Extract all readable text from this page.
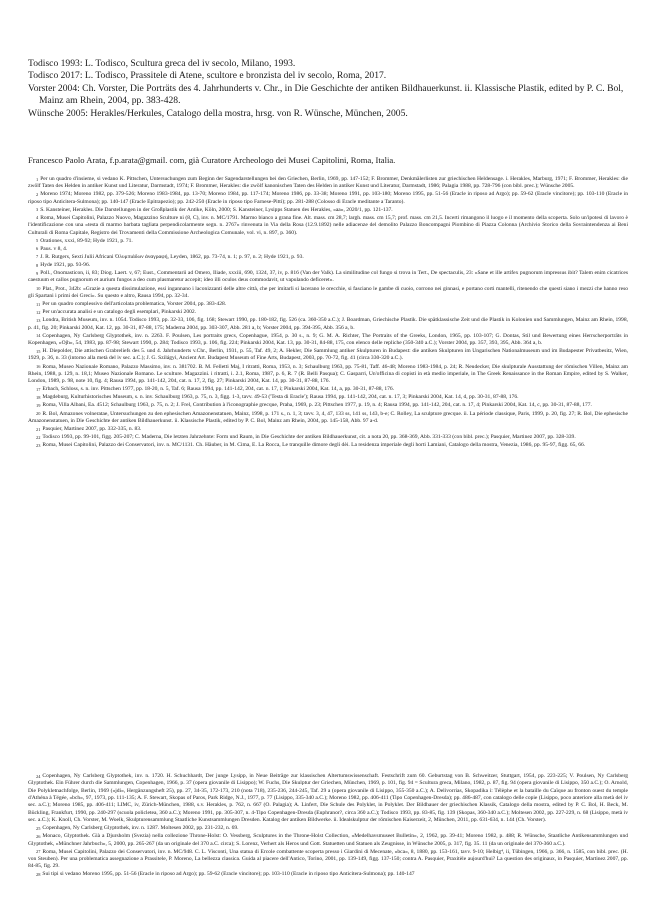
Todisco 1993: L. Todisco, Scultura greca del iv secolo, Milano, 1993.
Todisco 2017: L. Todisco, Prassitele di Atene, scultore e bronzista del iv secolo, Roma, 2017.
Vorster 2004: Ch. Vorster, Die Porträts des 4. Jahrhunderts v. Chr., in Die Geschichte der antiken Bildhauerkunst. ii. Klassische Plastik, edited by P. C. Bol, Mainz am Rhein, 2004, pp. 383-428.
Wünsche 2005: Herakles/Herkules, Catalogo della mostra, hrsg. von R. Wünsche, München, 2005.
Francesco Paolo Arata, f.p.arata@gmail. com, già Curatore Archeologo dei Musei Capitolini, Roma, Italia.
$^1$ Per un quadro d'insieme, si vedano K. Pittschen, Untersuchungen zum Beginn der Sagendarstellungen bei den Griechen, Berlin, 1969, pp. 147-152; F. Brommer, Denkmälerlisten zur griechischen Heldensage. i. Herakles, Marburg, 1971; F. Brommer, Herakles: die zwölf Taten des Helden in antiker Kunst und Literatur, Darmstadt, 1974; F. Brommer, Herakles: die zwölf kanonischen Taten des Helden in antiker Kunst und Literatur, Darmstadt, 1986; Palagia 1988, pp. 728-796 (con bibl. prec.); Wünsche 2005.
$^2$ Moreno 1974; Moreno 1982, pp. 379-526; Moreno 1983-1984, pp. 13-70; Moreno 1984, pp. 117-174; Moreno 1986, pp. 33-38; Moreno 1991, pp. 103-180; Moreno 1995, pp. 51-56 (Eracle in riposo ad Argo); pp. 59-62 (Eracle vincitore); pp. 103-110 (Eracle in riposo tipo Anticitera-Sulmona); pp. 140-147 (Eracle Epitrapezio); pp. 242-250 (Eracle in riposo tipo Farnese-Pitti); pp. 281-288 (Colosso di Eracle meditante a Taranto).
$^3$ S. Kansteiner, Herakles. Die Darstellungen in der Großplastik der Antike, Köln, 2000; S. Kansteiner, Lysipps Statuen des Herakles, «aa», 2020/1, pp. 121-137.
$^4$ Roma, Musei Capitolini, Palazzo Nuovo, Magazzino Sculture ni (8, C), inv. n. MC/1791. Marmo bianco a grana fine. Alt. mass. cm 28,7; largh. mass. cm 15,7; prof. mass. cm 21,5. Incerti rimangono il luogo e il momento della scoperta. Solo un'ipotesi di lavoro è l'identificazione con una «testa di marmo barbata tagliata perpendicolarmente segn. n. 2767» rinvenuta in Via della Rosa (12.9.1892) nelle adiacenze del demolito Palazzo Boncompagni Piombino di Piazza Colonna (Archivio Storico della Sovraintendenza ai Beni Culturali di Roma Capitale, Registro dei Trovamenti della Commissione Archeologica Comunale, vol. vi, n. 897, p. 360).
$^5$ Orationes, xxxi, 89-92; Hyde 1921, p. 71.
$^6$ Paus. v 8, 4.
$^7$ J. R. Rutgers, Sexti Julii Africani Ὀλυμπιάδων ἀναγραφή, Leyden, 1862, pp. 73-74, n. 1; p. 97, n. 2; Hyde 1921, p. 93.
$^8$ Hyde 1921, pp. 93-96.
$^9$ Poll., Onomasticon, ii, 83; Diog. Laert. v, 67; Eust., Commentarii ad Omero, Iliade, xxxiii, 690, 1324, 37, iv, p. 816 (Van der Valk). La similitudine col fungo si trova in Tert., De spectaculis, 23: «Sane et ille artifex pugnorum impressus ibit? Talem enim cicatrices caestuum et callos pugnorum et aurium fungos a deo cum plasmaretur accepit; ideo illi oculos deus commodavit, ut vapulando deficeret».
$^{10}$ Plat., Prot., 342b: «Grazie a questa dissimulazione, essi ingannano i laconizzanti delle altre città, che per imitarli si lacerano le orecchie, si fasciano le gambe di cuoio, corrono nei ginnasi, e portano corti mantelli, ritenendo che questi siano i mezzi che hanno reso gli Spartani i primi dei Greci». Su questo e altro, Rausa 1994, pp. 32-34.
$^{11}$ Per un quadro complessivo dell'articolata problematica, Vorster 2004, pp. 383-428.
$^{12}$ Per un'accurata analisi e un catalogo degli esemplari, Pinkarski 2002.
$^{13}$ Londra, British Museum, inv. n. 1054. Todisco 1993, pp. 32-33, 106, fig. 168; Stewart 1990, pp. 180-182, fig. 526 (ca. 360-350 a.C.); J. Boardman, Griechische Plastik. Die spätklassische Zeit und die Plastik in Kolonien und Sammlungen, Mainz am Rhein, 1998, p. 41, fig. 20; Pinkarski 2004, Kat. 12, pp. 30-31, 87-88, 175; Maderna 2004, pp. 303-307, Abb. 281 a, b; Vorster 2004, pp. 394-395, Abb. 356 a, b.
$^{14}$ Copenhagen, Ny Carlsberg Glyptothek, inv. n. 2263. F. Poulsen, Les portraits grecs, Copenhague, 1954, p. 30 s., n. 9; G. M. A. Richter, The Portraits of the Greeks, London, 1965, pp. 103-107; G. Dontas, Stil und Bewertung eines Herrscherporträts in Kopenhagen, «Ojh», 54, 1983, pp. 87-98; Stewart 1990, p. 284; Todisco 1993, p. 106, fig. 224; Pinkarski 2004, Kat. 13, pp. 30-31, 84-88, 175, con elenco delle repliche (350-340 a.C.); Vorster 2004, pp. 357, 393, 395, Abb. 364 a, b.
$^{15}$ H. Diepolder, Die attischen Grabreliefs des 5. und 4. Jahrhunderts v.Chr., Berlin, 1931, p. 55, Taf. 49, 2; A. Hekler, Die Sammlung antiker Skulpturen in Budapest: die antiken Skulpturen im Ungarischen Nationalmuseum und im Budapester Privatbesitz, Wien, 1929, p. 36, n. 33 (intorno alla metà del iv sec. a.C.); J. G. Szilágyi, Ancient Art. Budapest Museum of Fine Arts, Budapest, 2003, pp. 70-72, fig. 41 (circa 330-320 a.C.).
$^{16}$ Roma, Museo Nazionale Romano, Palazzo Massimo, inv. n. 381702. B. M. Felletti Maj, I ritratti, Roma, 1953, n. 3; Schaulburg 1963, pp. 75-81, Taff. 46-48; Moreno 1983-1984, p. 24; R. Neudecker, Die skulpturale Ausstattung der römischen Villen, Mainz am Rhein, 1988, p. 129, n. 18,1; Museo Nazionale Romano. Le sculture. Magazzini. i ritratti, i. 2.1, Roma, 1987, p. 6, R. 7 (R. Belli Pasqua); C. Gasparri, Un'officina di copisti in età medio imperiale, in The Greek Renaissance in the Roman Empire, edited by S. Walker, London, 1989, p. 98, note 10, fig. 4; Rausa 1994, pp. 141-142, 204, cat. n. 17, 2, fig. 27; Pinkarski 2004, Kat. 14, pp. 30-31, 87-88, 176.
$^{17}$ Erbach, Schloss, s. n. inv. Pittschen 1977, pp. 18-20, n. 5, Taf. 6; Rausa 1994, pp. 141-142, 204, cat. n. 17, i; Pinkarski 2004, Kat. 14, a, pp. 30-31, 87-88, 176.
$^{18}$ Magdeburg, Kulturhistorisches Museum, s. n. inv. Schaulburg 1963, p. 75, n. 3, figg. 1-3, tavv. 49-53 ('Testa di Eracle'); Rausa 1994, pp. 141-142, 204, cat. n. 17, 3; Pinkarski 2004, Kat. 14, d, pp. 30-31, 87-88, 176.
$^{19}$ Roma, Villa Albani, Ea. 4512; Schaulburg 1963, p. 75, n. 2; J. Frel, Contribution à l'iconographie grecque, Praha, 1969, p. 23; Pittschen 1977, p. 19, n. 4; Rausa 1994, pp. 141-142, 204, cat. n. 17, 4; Pinkarski 2004, Kat. 14, c, pp. 30-31, 87-88, 177.
$^{20}$ R. Bol, Amazones volneratae, Untersuchungen zu den ephesischen Amazonenstatuen, Mainz, 1998, p. 171 s., n. 1, 3; tavv. 3, 4, 47, 133 ss, 141 ss, 143, b-e; C. Rolley, La sculpture grecque. ii. La période classique, Paris, 1999, p. 20, fig. 27; R. Bol, Die ephesische Amazonenstatuen, in Die Geschichte der antiken Bildhauerkunst. ii. Klassische Plastik, edited by P. C. Bol, Mainz am Rhein, 2004, pp. 145-158, Abb. 97 a-d.
$^{21}$ Pasquier, Martinez 2007, pp. 332-335, n. 83.
$^{22}$ Todisco 1993, pp. 99-101, figg. 205-207; C. Maderna, Die letzten Jahrzehnte: Form und Raum, in Die Geschichte der antiken Bildhauerkunst, cit. a nota 20, pp. 368-369, Abb. 331-333 (con bibl. prec.); Pasquier, Martinez 2007, pp. 328-339.
$^{23}$ Roma, Musei Capitolini, Palazzo dei Conservatori, inv. n. MC/1131. Ch. Häuber, in M. Cima, E. La Rocca, Le tranquille dimore degli dèi. La residenza imperiale degli horti Lamiani, Catalogo della mostra, Venezia, 1986, pp. 95-97, figg. 65, 66.
$^{24}$ Copenhagen, Ny Carlsberg Glyptothek, inv. n. 1720. H. Schuchhardt, Der junge Lysipp, in Neue Beiträge zur klassischen Altertumswissenschaft. Festschrift zum 60. Geburtstag von B. Schweitzer, Stuttgart, 1954, pp. 223-225; V. Poulsen, Ny Carlsberg Glyptothek. Ein Führer durch die Sammlungen, Copenhagen, 1966, p. 37 (opera giovanile di Lisippo); W. Fuchs, Die Skulptur der Griechen, München, 1969, p. 101, fig. 94 = Scultura greca, Milano, 1982, p. 87, fig. 94 (opera giovanile di Lisippo, 350 a.C.); O. Arnold, Die Polykletnachfolge, Berlin, 1969 («jdi», Hergänzungsheft 25), pp. 27, 34-35, 172-173, 210 (nota 718), 235-236, 244-245, Taf. 29 a (opera giovanile di Lisippo, 355-350 a.C.); A. Delivorrias, Skopadika i: Télèphe et la bataille du Caïque au fronton ouest du temple d'Athéna à Tégée, «bch», 97, 1973, pp. 111-135; A. F. Stewart, Skopas of Paros, Park Ridge, N.J., 1977, p. 77 (Lisippo, 335-340 a.C.); Moreno 1982, pp. 406-411 (Tipo Copenhagen-Dresda); pp. 486-487, con catalogo delle copie (Lisippo, poco anteriore alla metà del iv sec. a.C.); Moreno 1985, pp. 406-411; LIMC, iv, Zürich-München, 1988, s.v. Herakles, p. 762, n. 667 (O. Palagia); A. Linfert, Die Schule des Polyklet, in Polyklet. Der Bildhauer der griechischen Klassik, Catalogo della mostra, edited by P. C. Bol, H. Beck, M. Bückling, Frankfurt, 1990, pp. 240-297 (scuola policletea, 360 a.C.); Moreno 1991, pp. 305-307, n. 4-Tipo Copenhagen-Dresda (Euphranor?, circa 360 a.C.); Todisco 1993, pp. 83-85, fig. 139 (Skopas, 360-340 a.C.); Moltesen 2002, pp. 227-229, n. 68 (Lisippo, metà iv sec. a.C.); K. Knoll, Ch. Vorster, M. Woelk, Skulpturensammlung Staatliche Kunstsammlungen Dresden. Katalog der antiken Bildwerke. ii. Idealskulptur der römischen Kaiserzeit, 2, München, 2011, pp. 631-634, n. 144 (Ch. Vorster).
$^{25}$ Copenhagen, Ny Carlsberg Glyptothek, inv. n. 1287. Moltesen 2002, pp. 231-232, n. 69.
$^{26}$ Monaco, Glyptothek. Già a Djursholm (Svezia) nella collezione Throne-Holst: O. Vessberg, Sculptures in the Throne-Holst Collection, «Medelhavsmuseet Bulletin», 2, 1962, pp. 39-41; Moreno 1982, p. 488; R. Wünsche, Staatliche Antikensammlungen und Glyptothek, «Münchner Jahrbuch», 5, 2000, pp. 265-267 (da un originale del 370 a.C. circa); S. Lorenz, Verhert als Heros und Gott. Statuetten und Statuen als Zeugnisse, in Wünsche 2005, p. 317, fig. 35. 11 (da un originale del 370-360 a.C.).
$^{27}$ Roma, Musei Capitolini, Palazzo dei Conservatori, inv. n. MC/948. C. L. Visconti, Una statua di Ercole combattente scoperta presso i Giardini di Mecenate, «bca», 8, 1880, pp. 153-161, tavv. 9-10; Helbig⁴, ii, Tübingen, 1966, p. 366, n. 1585, con bibl. prec. (H. von Steuben). Per una problematica assegnazione a Prassitele, P. Moreno, La bellezza classica. Guida al piacere dell'Antico, Torino, 2001, pp. 139-149, figg. 137-150; contra A. Pasquier, Praxitèle aujourd'hui? La question des originaux, in Pasquier, Martinez 2007, pp. 84-85, fig. 29.
$^{28}$ Sui tipi si vedano Moreno 1995, pp. 51-56 (Eracle in riposo ad Argo); pp. 59-62 (Eracle vincitore); pp. 103-110 (Eracle in riposo tipo Anticitera-Sulmona); pp. 140-147
